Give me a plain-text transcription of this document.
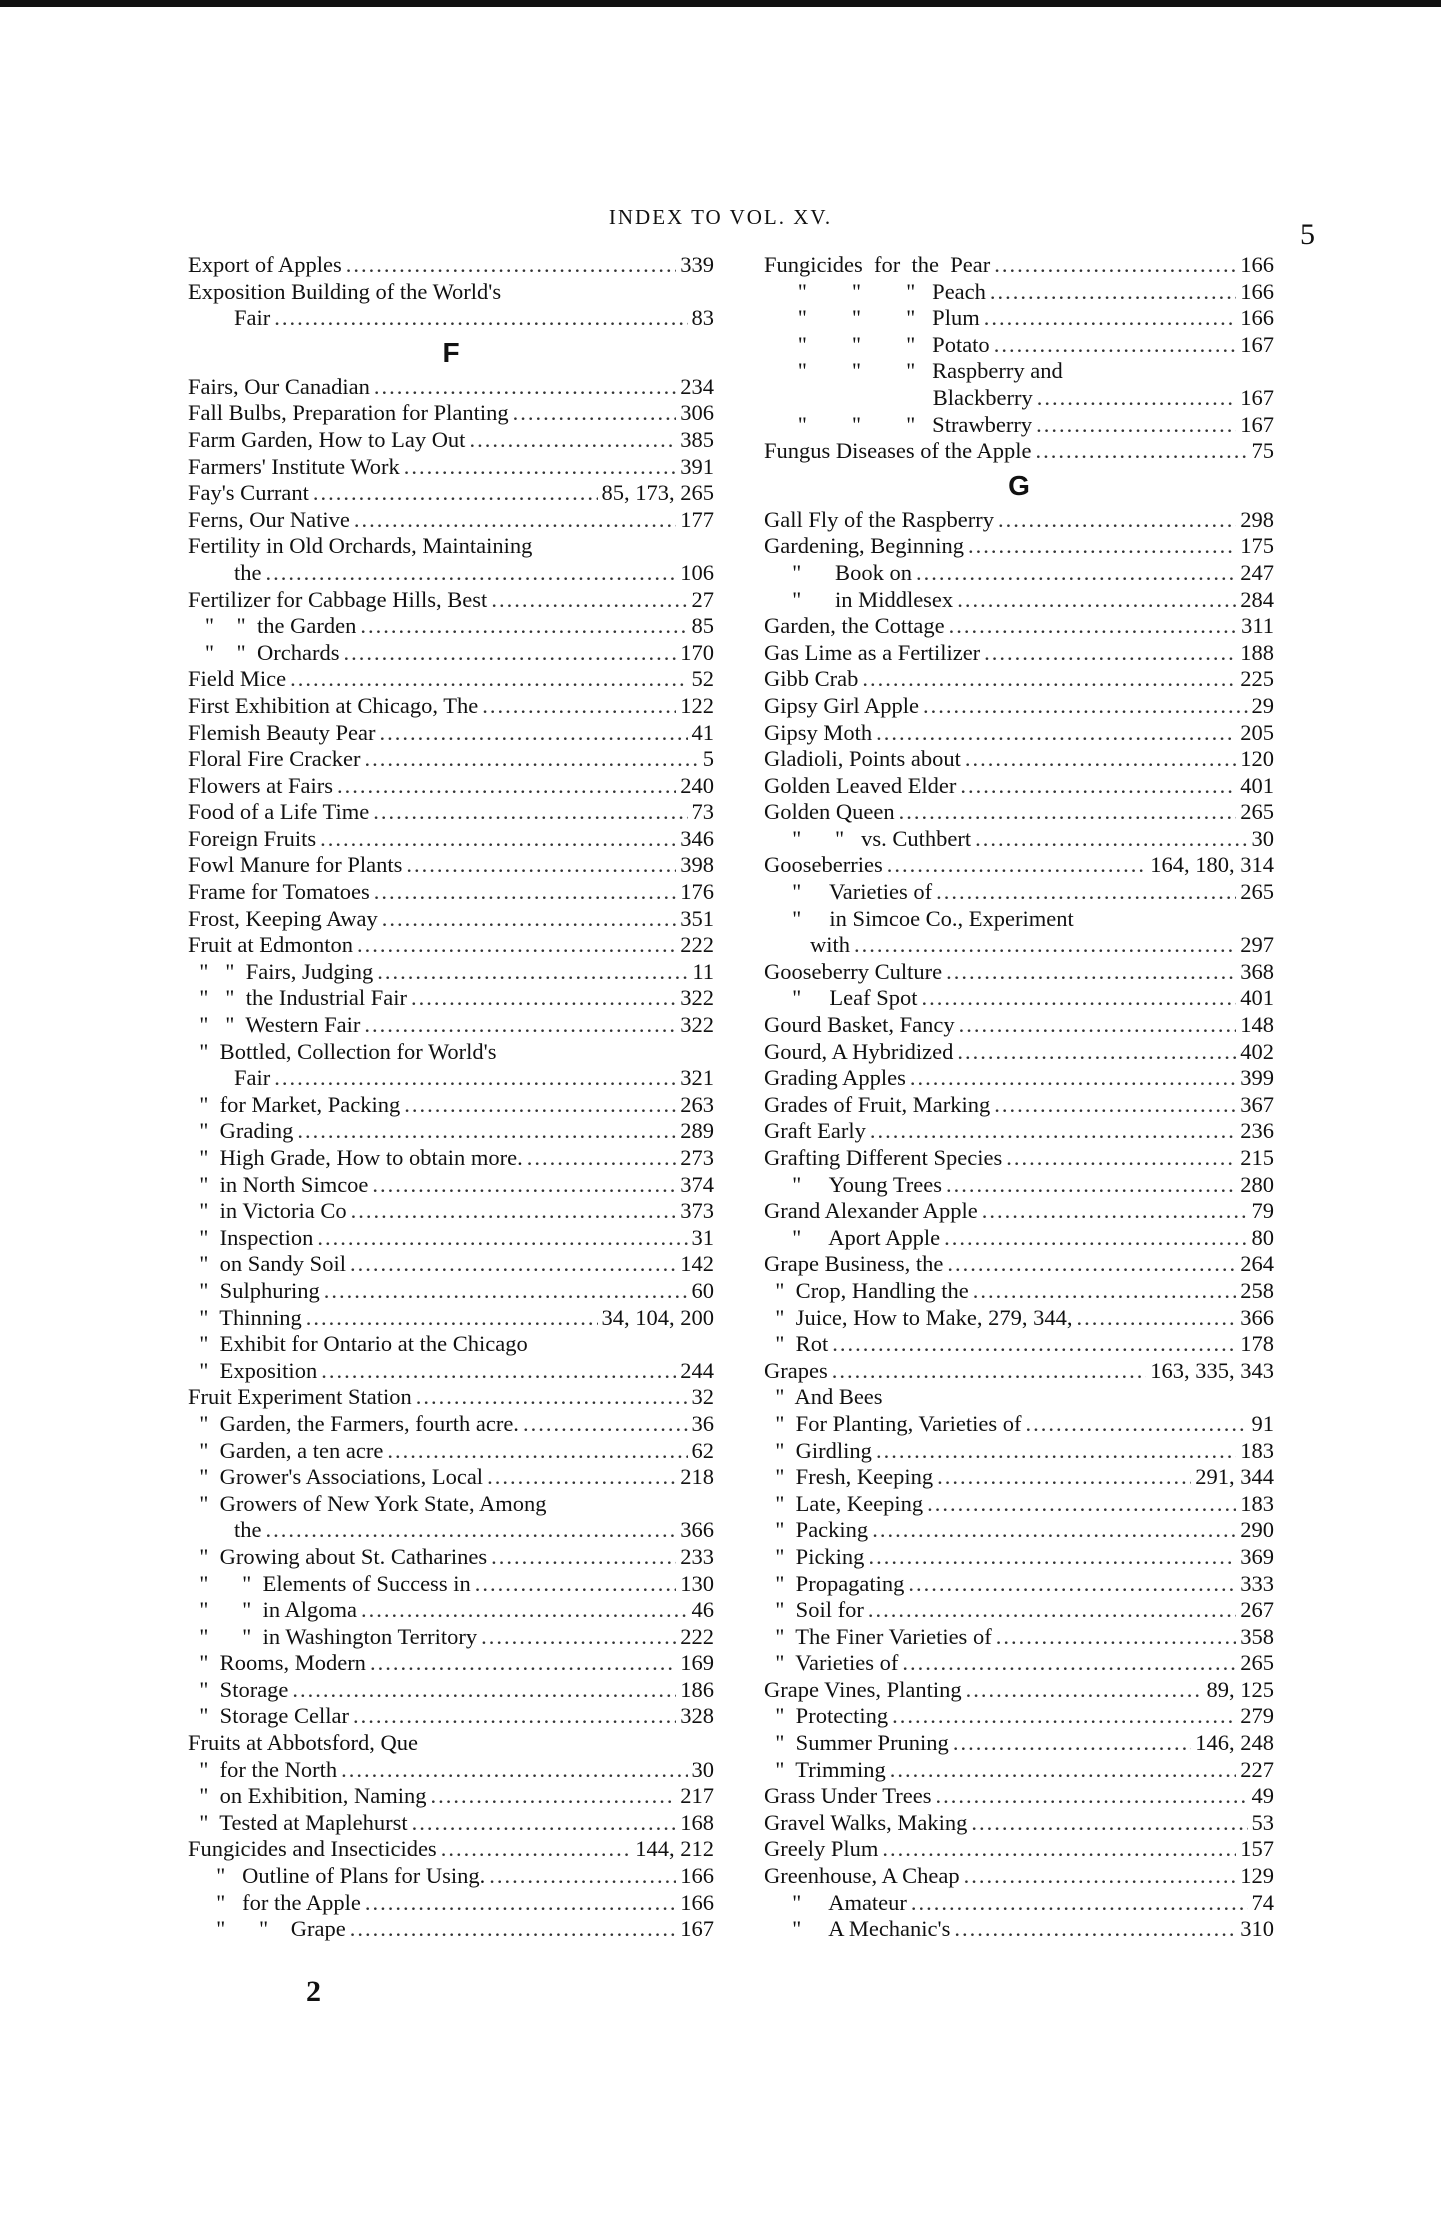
INDEX TO VOL. XV.
5
Export of Apples .....	339
Exposition Building of the World's
Fair .....	83
F
Fairs, Our Canadian .....	234
Fall Bulbs, Preparation for Planting .....	306
Farm Garden, How to Lay Out .....	385
Farmers' Institute Work .....	391
Fay's Currant .....	85, 173, 265
Ferns, Our Native .....	177
Fertility in Old Orchards, Maintaining
the .....	106
Fertilizer for Cabbage Hills, Best .....	27
"    "  the Garden .....	85
"    "  Orchards .....	170
Field Mice .....	52
First Exhibition at Chicago, The .....	122
Flemish Beauty Pear .....	41
Floral Fire Cracker .....	5
Flowers at Fairs .....	240
Food of a Life Time .....	73
Foreign Fruits .....	346
Fowl Manure for Plants .....	398
Frame for Tomatoes .....	176
Frost, Keeping Away .....	351
Fruit at Edmonton .....	222
"   "  Fairs, Judging .....	11
"   "  the Industrial Fair .....	322
"   "  Western Fair .....	322
"  Bottled, Collection for World's
Fair .....	321
"  for Market, Packing .....	263
"  Grading .....	289
"  High Grade, How to obtain more. .....	273
"  in North Simcoe .....	374
"  in Victoria Co .....	373
"  Inspection .....	31
"  on Sandy Soil .....	142
"  Sulphuring .....	60
"  Thinning .....	34, 104, 200
"  Exhibit for Ontario at the Chicago
"  Exposition .....	244
Fruit Experiment Station .....	32
"  Garden, the Farmers, fourth acre. .....	36
"  Garden, a ten acre .....	62
"  Grower's Associations, Local .....	218
"  Growers of New York State, Among
the .....	366
"  Growing about St. Catharines .....	233
"      "  Elements of Success in .....	130
"      "  in Algoma .....	46
"      "  in Washington Territory .....	222
"  Rooms, Modern .....	169
"  Storage .....	186
"  Storage Cellar .....	328
Fruits at Abbotsford, Que
"  for the North .....	30
"  on Exhibition, Naming .....	217
"  Tested at Maplehurst .....	168
Fungicides and Insecticides .....	144, 212
"   Outline of Plans for Using. .....	166
"   for the Apple .....	166
"      "    Grape .....	167
Fungicides  for  the  Pear .....	166
"        "        "   Peach .....	166
"        "        "   Plum .....	166
"        "        "   Potato .....	167
"        "        "   Raspberry and
Blackberry .....	167
"        "        "   Strawberry .....	167
Fungus Diseases of the Apple .....	75
G
Gall Fly of the Raspberry .....	298
Gardening, Beginning .....	175
"      Book on .....	247
"      in Middlesex .....	284
Garden, the Cottage .....	311
Gas Lime as a Fertilizer .....	188
Gibb Crab .....	225
Gipsy Girl Apple .....	29
Gipsy Moth .....	205
Gladioli, Points about .....	120
Golden Leaved Elder .....	401
Golden Queen .....	265
"      "   vs. Cuthbert .....	30
Gooseberries .....	164, 180, 314
"     Varieties of .....	265
"     in Simcoe Co., Experiment
with .....	297
Gooseberry Culture .....	368
"     Leaf Spot .....	401
Gourd Basket, Fancy .....	148
Gourd, A Hybridized .....	402
Grading Apples .....	399
Grades of Fruit, Marking .....	367
Graft Early .....	236
Grafting Different Species .....	215
"     Young Trees .....	280
Grand Alexander Apple .....	79
"     Aport Apple .....	80
Grape Business, the .....	264
"  Crop, Handling the .....	258
"  Juice, How to Make, 279, 344, .....	366
"  Rot .....	178
Grapes .....	163, 335, 343
"  And Bees
"  For Planting, Varieties of .....	91
"  Girdling .....	183
"  Fresh, Keeping .....	291, 344
"  Late, Keeping .....	183
"  Packing .....	290
"  Picking .....	369
"  Propagating .....	333
"  Soil for .....	267
"  The Finer Varieties of .....	358
"  Varieties of .....	265
Grape Vines, Planting .....	89, 125
"  Protecting .....	279
"  Summer Pruning .....	146, 248
"  Trimming .....	227
Grass Under Trees .....	49
Gravel Walks, Making .....	53
Greely Plum .....	157
Greenhouse, A Cheap .....	129
"     Amateur .....	74
"     A Mechanic's .....	310
2
